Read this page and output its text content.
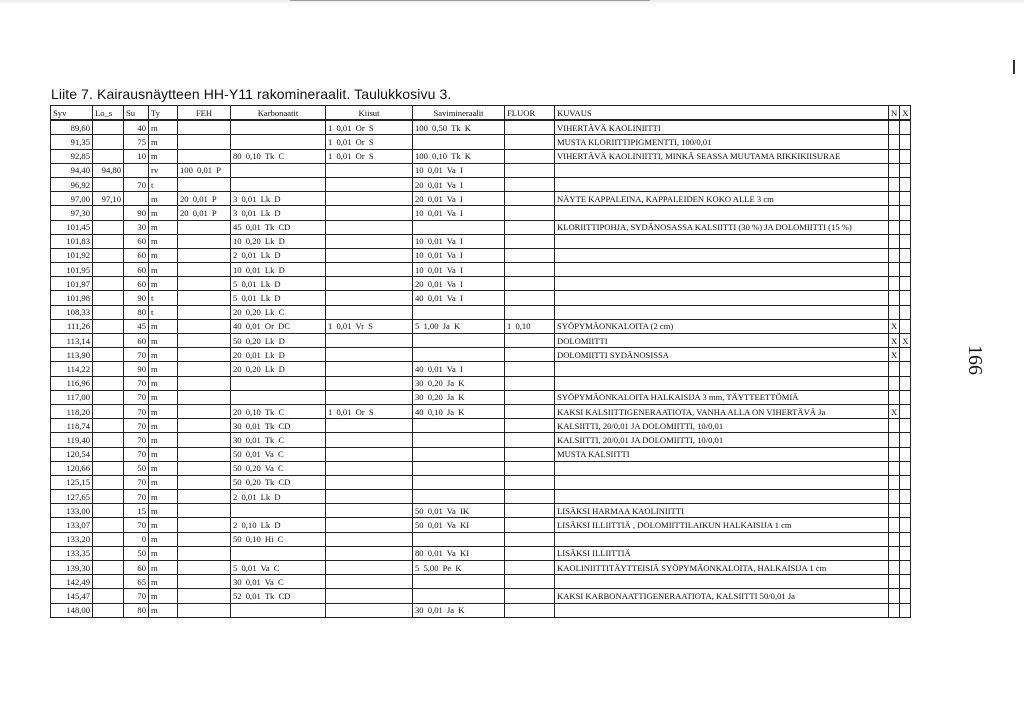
Liite 7. Kairausnäytteen HH-Y11 rakomineraalit. Taulukkosivu 3.
166
Syv	Lo_s	Su	Ty	FEH	Karbonaatit	Kiisut	Savimineraalit	FLUOR	KUVAUS	N	X
89,60		40	m			1 0,01 Or S	100 0,50 Tk K		VIHERTÄVÄ KAOLINIITTI		
91,35		75	m			1 0,01 Or S			MUSTA KLORIITTIPIGMENTTI, 100/0,01		
92,85		10	m		80 0,10 Tk C	1 0,01 Or S	100 0,10 Tk K		VIHERTÄVÄ KAOLINIITTI, MINKÄ SEASSA MUUTAMA RIKKIKIISURAE		
94,40	94,80		rv	100 0,01 P			10 0,01 Va I				
96,92		70	t				20 0,01 Va I				
97,00	97,10		m	20 0,01 P	3 0,01 Lk D		20 0,01 Va I		NÄYTE KAPPALEINA, KAPPALEIDEN KOKO ALLE 3 cm		
97,30		90	m	20 0,01 P	3 0,01 Lk D		10 0,01 Va I				
101,45		30	m		45 0,01 Tk CD				KLORIITTIPOHJA, SYDÄNOSASSA KALSIITTI (30 %) JA DOLOMIITTI (15 %)		
101,83		60	m		10 0,20 Lk D		10 0,01 Va I				
101,92		60	m		2 0,01 Lk D		10 0,01 Va I				
101,95		60	m		10 0,01 Lk D		10 0,01 Va I				
101,97		60	m		5 0,01 Lk D		20 0,01 Va I				
101,98		90	t		5 0,01 Lk D		40 0,01 Va I				
108,33		80	t		20 0,20 Lk C						
111,26		45	m		40 0,01 Or DC	1 0,01 Vr S	5 1,00 Ja K	1 0,10	SYÖPYMÄONKALOITA (2 cm)	X	
113,14		60	m		50 0,20 Lk D				DOLOMIITTI	X	X
113,90		70	m		20 0,01 Lk D				DOLOMIITTI SYDÄNOSISSA	X	
114,22		90	m		20 0,20 Lk D		40 0,01 Va I				
116,96		70	m				30 0,20 Ja K				
117,00		70	m				30 0,20 Ja K		SYÖPYMÄONKALOITA HALKAISIJA 3 mm, TÄYTTEETTÖMIÄ		
118,20		70	m		20 0,10 Tk C	1 0,01 Or S	40 0,10 Ja K		KAKSI KALSIITTIGENERAATIOTA, VANHA ALLA ON VIHERTÄVÄ Ja	X	
118,74		70	m		30 0,01 Tk CD				KALSIITTI, 20/0,01 JA DOLOMIITTI, 10/0,01		
119,40		70	m		30 0,01 Tk C				KALSIITTI, 20/0,01 JA DOLOMIITTI, 10/0,01		
120,54		70	m		50 0,01 Va C				MUSTA KALSIITTI		
120,66		50	m		50 0,20 Va C						
125,15		70	m		50 0,20 Tk CD						
127,65		70	m		2 0,01 Lk D						
133,00		15	m				50 0,01 Va IK		LISÄKSI HARMAA KAOLINIITTI		
133,07		70	m		2 0,10 Lk D		50 0,01 Va KI		LISÄKSI ILLIITTIÄ , DOLOMIITTILAIKUN HALKAISIJA 1 cm		
133,20		0	m		50 0,10 Hi C						
133,35		50	m				80 0,01 Va KI		LISÄKSI ILLIITTIÄ		
139,30		60	m		5 0,01 Va C		5 5,00 Pe K		KAOLINIITTITÄYTTEISIÄ SYÖPYMÄONKALOITA, HALKAISIJA 1 cm		
142,49		65	m		30 0,01 Va C						
145,47		70	m		52 0,01 Tk CD				KAKSI KARBONAATTIGENERAATIOTA, KALSIITTI 50/0,01 Ja		
148,00		80	m				30 0,01 Ja K				
